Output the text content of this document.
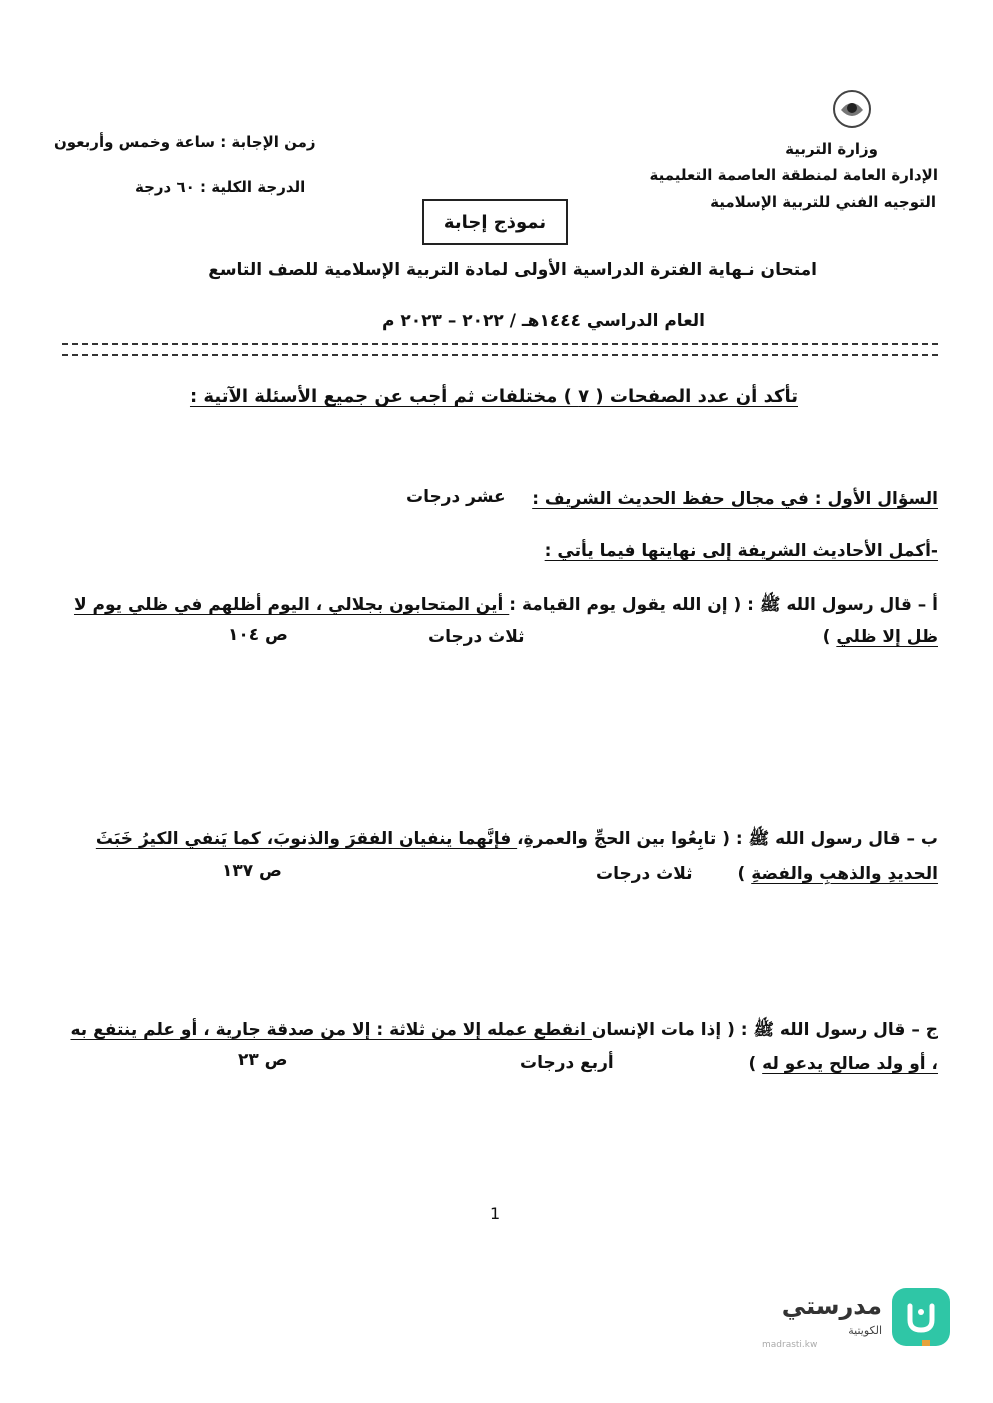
وزارة التربية
الإدارة العامة لمنطقة العاصمة التعليمية
التوجيه الفني للتربية الإسلامية
زمن الإجابة : ساعة وخمس وأربعون
الدرجة الكلية : ٦٠ درجة
نموذج إجابة
امتحان نـهاية الفترة الدراسية الأولى لمادة التربية الإسلامية للصف التاسع
العام الدراسي ١٤٤٤هـ / ٢٠٢٢ – ٢٠٢٣ م
تأكد أن عدد الصفحات ( ٧ ) مختلفات ثم أجب عن جميع الأسئلة الآتية :
السؤال الأول : في مجال حفظ الحديث الشريف :
عشر درجات
-أكمل الأحاديث الشريفة إلى نهايتها فيما يأتي :
أ – قال رسول الله ﷺ : ( إن الله يقول يوم القيامة : أين المتحابون بجلالي ، اليوم أظلهم في ظلي يوم لا
ظل إلا ظلي )
ثلاث درجات
ص ١٠٤
ب – قال رسول الله ﷺ : ( تابِعُوا بين الحجِّ والعمرةِ، فإنَّهما ينفيان الفقرَ والذنوبَ، كما يَنفي الكيرُ خَبَثَ
الحديدِ والذهبِ والفضةِ )
ثلاث درجات
ص ١٣٧
ج – قال رسول الله ﷺ : ( إذا مات الإنسان انقطع عمله إلا من ثلاثة : إلا من صدقة جارية ، أو علم ينتفع به
، أو ولد صالح يدعو له )
أربع درجات
ص ٢٣
1
مدرستي
الكويتية
madrasti.kw
